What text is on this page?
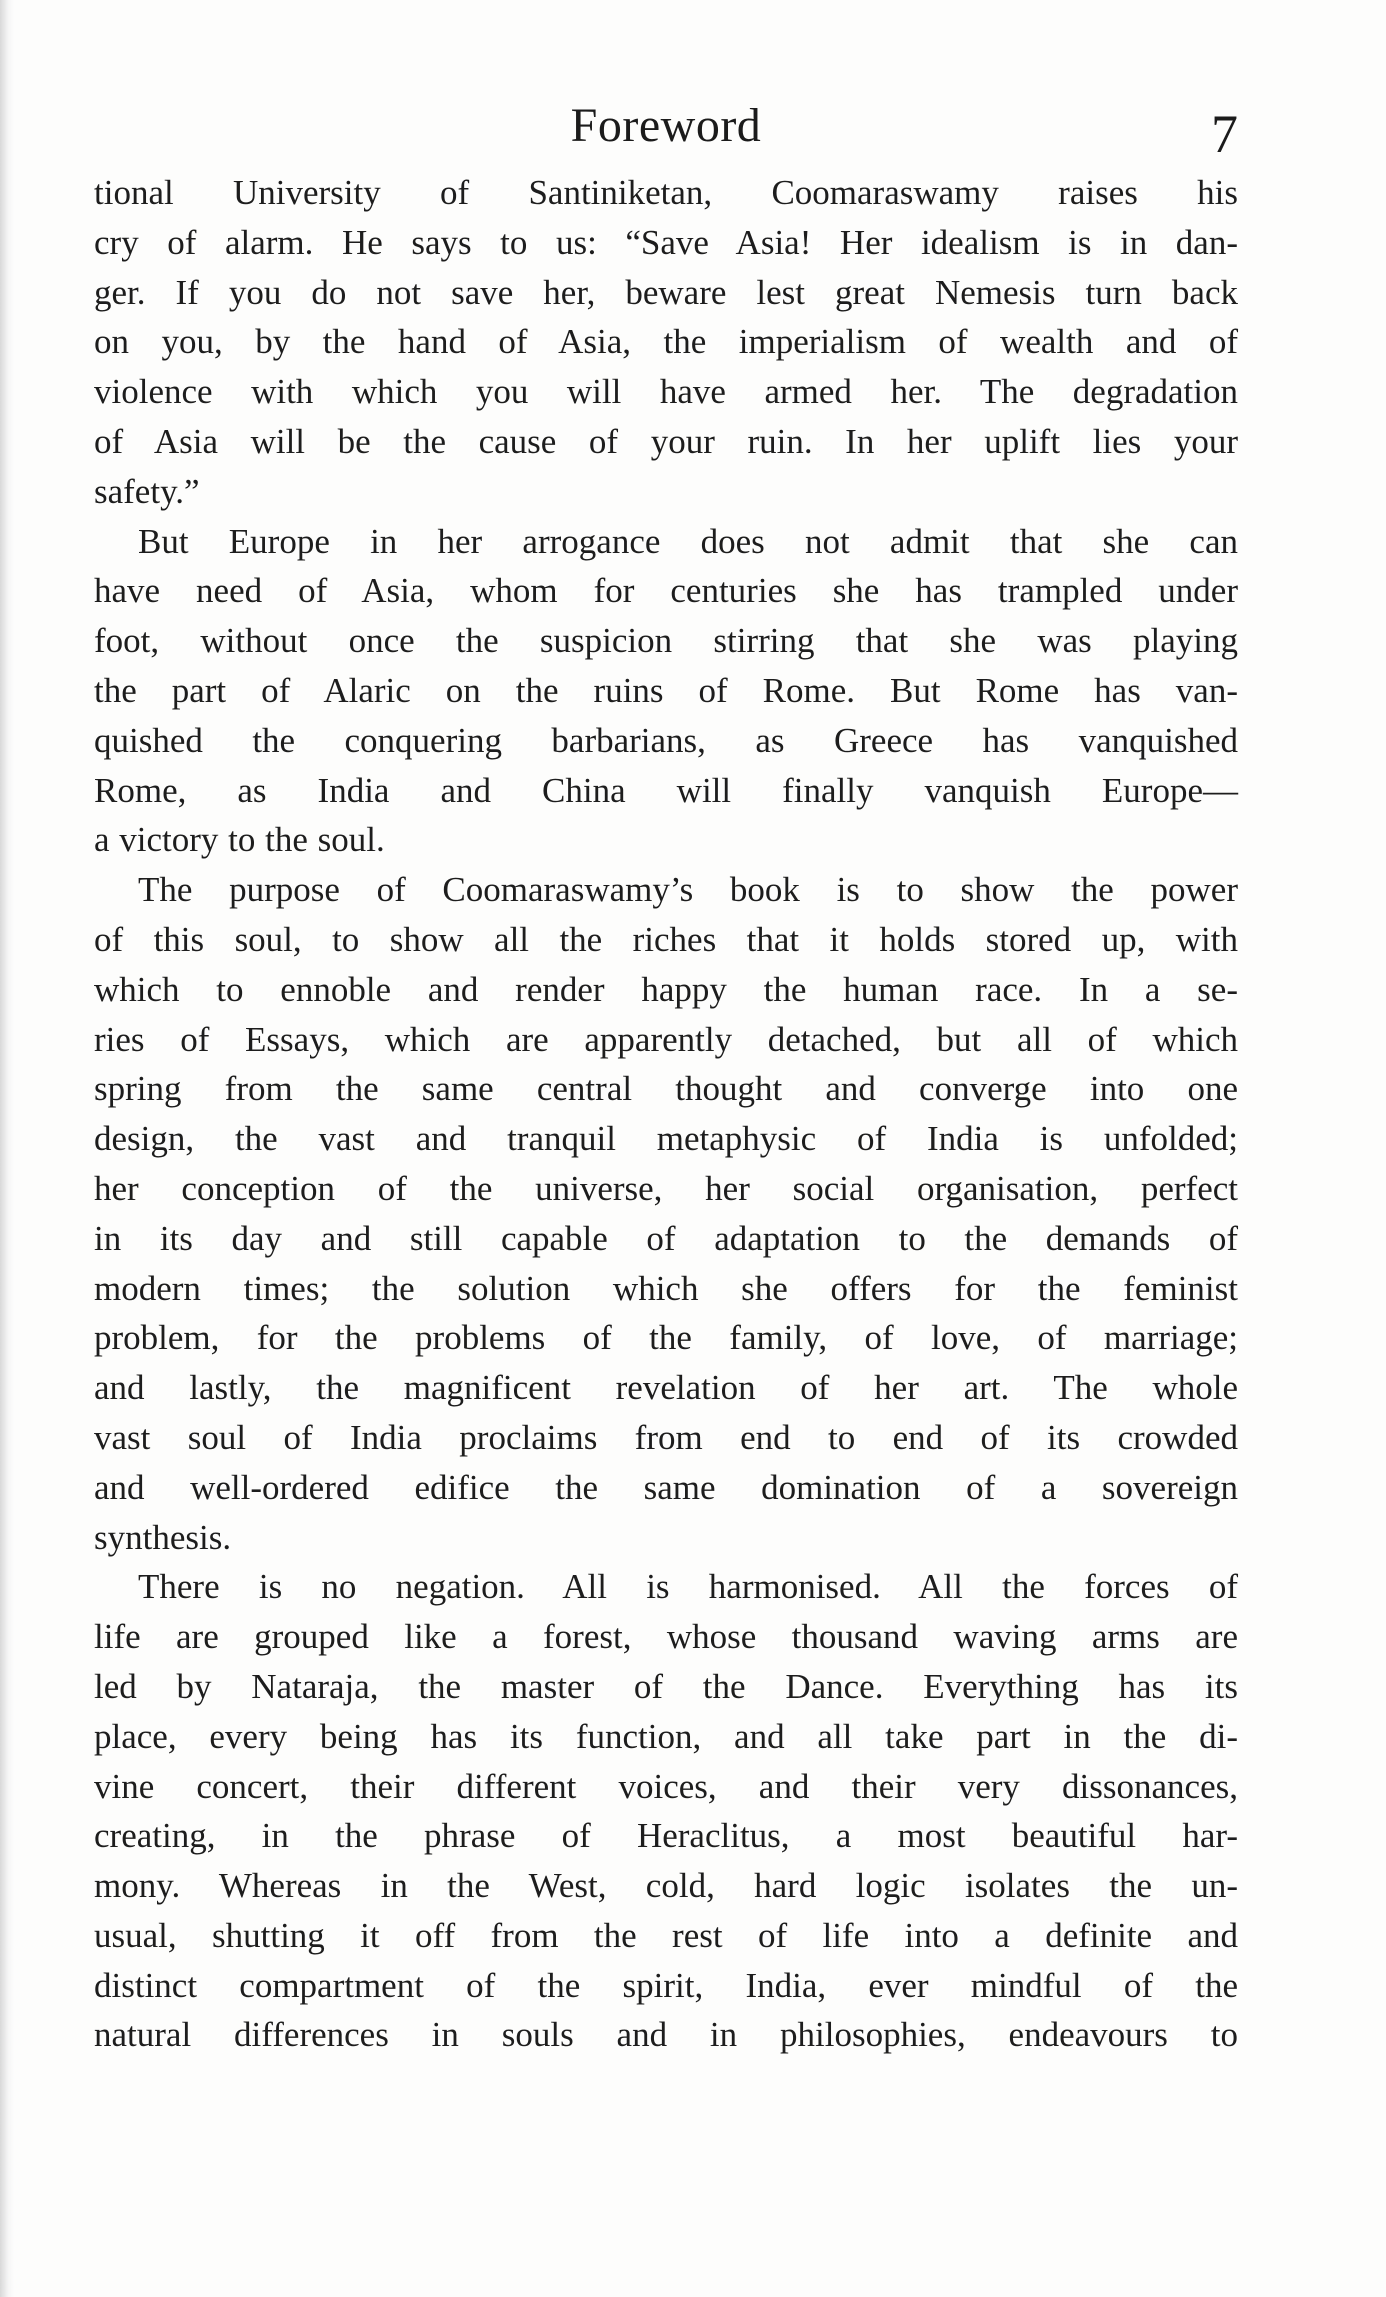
Foreword	7
tional University of Santiniketan, Coomaraswamy raises his
cry of alarm. He says to us: “Save Asia! Her idealism is in dan-
ger. If you do not save her, beware lest great Nemesis turn back
on you, by the hand of Asia, the imperialism of wealth and of
violence with which you will have armed her. The degradation
of Asia will be the cause of your ruin. In her uplift lies your
safety.”
But Europe in her arrogance does not admit that she can
have need of Asia, whom for centuries she has trampled under
foot, without once the suspicion stirring that she was playing
the part of Alaric on the ruins of Rome. But Rome has van-
quished the conquering barbarians, as Greece has vanquished
Rome, as India and China will finally vanquish Europe—
a victory to the soul.
The purpose of Coomaraswamy’s book is to show the power
of this soul, to show all the riches that it holds stored up, with
which to ennoble and render happy the human race. In a se-
ries of Essays, which are apparently detached, but all of which
spring from the same central thought and converge into one
design, the vast and tranquil metaphysic of India is unfolded;
her conception of the universe, her social organisation, perfect
in its day and still capable of adaptation to the demands of
modern times; the solution which she offers for the feminist
problem, for the problems of the family, of love, of marriage;
and lastly, the magnificent revelation of her art. The whole
vast soul of India proclaims from end to end of its crowded
and well-ordered edifice the same domination of a sovereign
synthesis.
There is no negation. All is harmonised. All the forces of
life are grouped like a forest, whose thousand waving arms are
led by Nataraja, the master of the Dance. Everything has its
place, every being has its function, and all take part in the di-
vine concert, their different voices, and their very dissonances,
creating, in the phrase of Heraclitus, a most beautiful har-
mony. Whereas in the West, cold, hard logic isolates the un-
usual, shutting it off from the rest of life into a definite and
distinct compartment of the spirit, India, ever mindful of the
natural differences in souls and in philosophies, endeavours to
